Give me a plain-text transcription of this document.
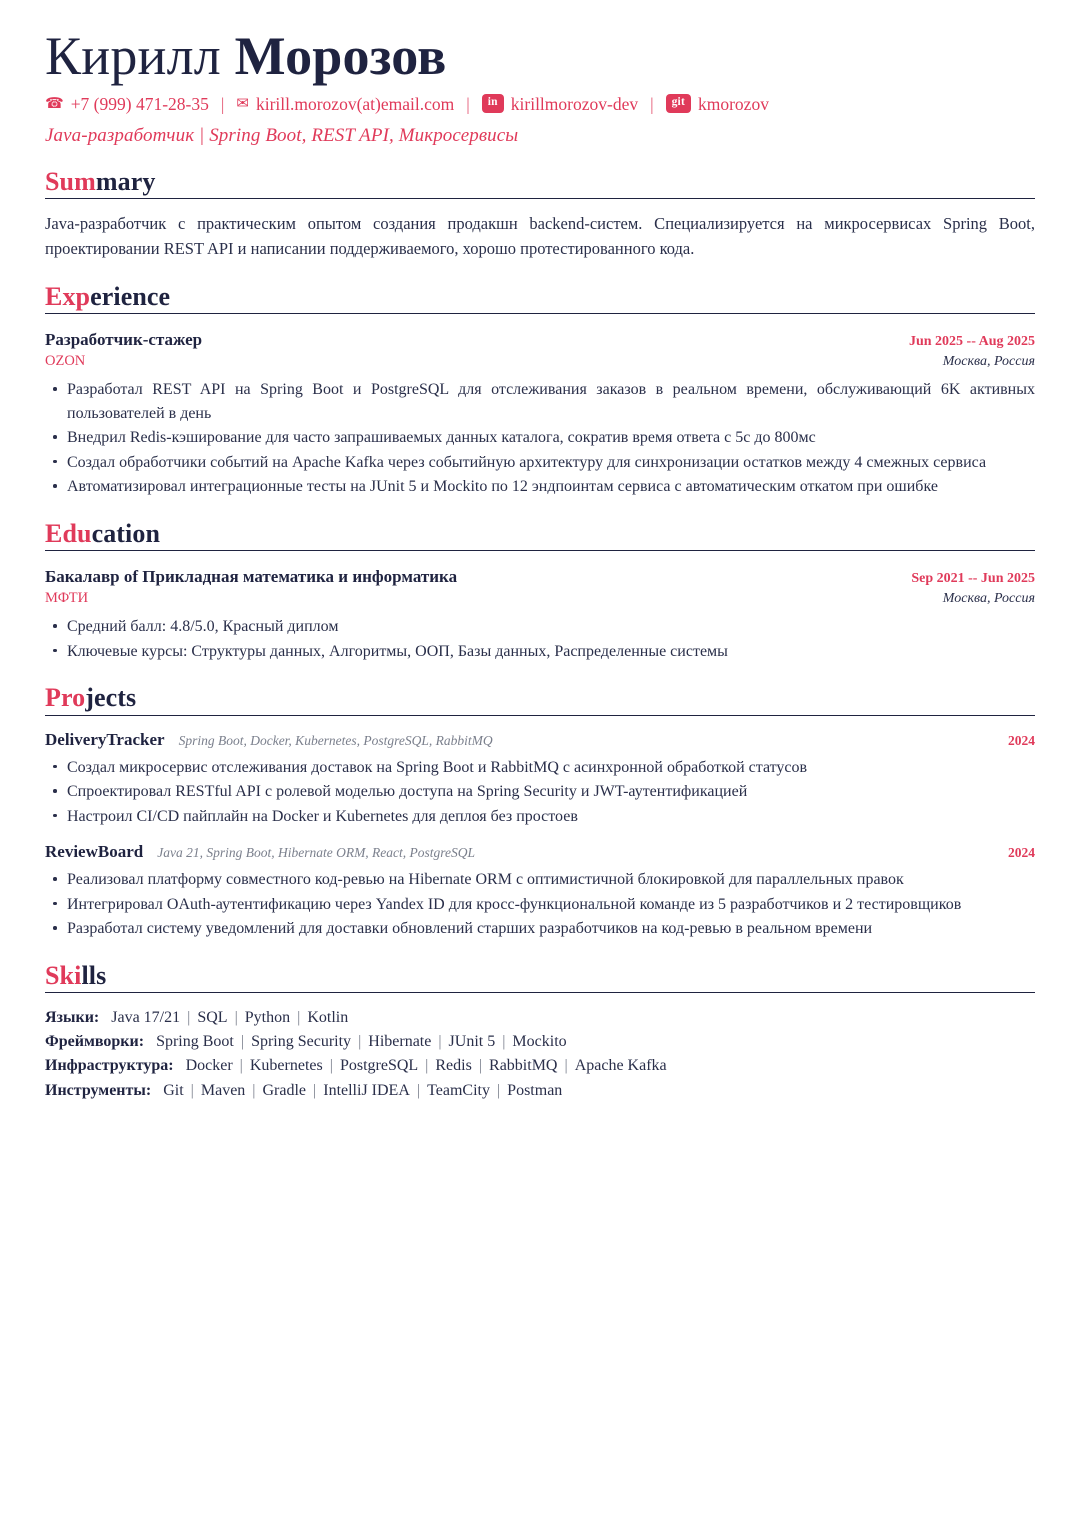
Кирилл Морозов
☎ +7 (999) 471-28-35 | ✉ kirill.morozov(at)email.com |	in kirillmorozov-dev |	git kmorozov
Java-разработчик | Spring Boot, REST API, Микросервисы
Summary

Java-разработчик с практическим опытом создания продакшн backend-систем. Специализируется на микросервисах Spring Boot, проектировании REST API и написании поддерживаемого, хорошо протестированного кода.

Experience
Разработчик-стажер	Jun 2025 -- Aug 2025
OZON	Москва, Россия
Разработал REST API на Spring Boot и PostgreSQL для отслеживания заказов в реальном времени, обслуживающий 6K активных пользователей в день
Внедрил Redis-кэширование для часто запрашиваемых данных каталога, сократив время ответа с 5с до 800мс
Создал обработчики событий на Apache Kafka через событийную архитектуру для синхронизации остатков между 4 смежных сервиса
Автоматизировал интеграционные тесты на JUnit 5 и Mockito по 12 эндпоинтам сервиса с автоматическим откатом при ошибке
Education
Бакалавр of Прикладная математика и информатика	Sep 2021 -- Jun 2025
МФТИ	Москва, Россия
Средний балл: 4.8/5.0, Красный диплом
Ключевые курсы: Структуры данных, Алгоритмы, ООП, Базы данных, Распределенные системы
Projects
DeliveryTracker Spring Boot, Docker, Kubernetes, PostgreSQL, RabbitMQ	2024
Создал микросервис отслеживания доставок на Spring Boot и RabbitMQ с асинхронной обработкой статусов
Спроектировал RESTful API с ролевой моделью доступа на Spring Security и JWT-аутентификацией
Настроил CI/CD пайплайн на Docker и Kubernetes для деплоя без простоев
ReviewBoard Java 21, Spring Boot, Hibernate ORM, React, PostgreSQL	2024
Реализовал платформу совместного код-ревью на Hibernate ORM с оптимистичной блокировкой для параллельных правок
Интегрировал OAuth-аутентификацию через Yandex ID для кросс-функциональной команде из 5 разработчиков и 2 тестировщиков
Разработал систему уведомлений для доставки обновлений старших разработчиков на код-ревью в реальном времени
Skills
Языки: Java 17/21 | SQL | Python | Kotlin
Фреймворки: Spring Boot | Spring Security | Hibernate | JUnit 5 | Mockito
Инфраструктура: Docker | Kubernetes | PostgreSQL | Redis | RabbitMQ | Apache Kafka
Инструменты: Git | Maven | Gradle | IntelliJ IDEA | TeamCity | Postman
